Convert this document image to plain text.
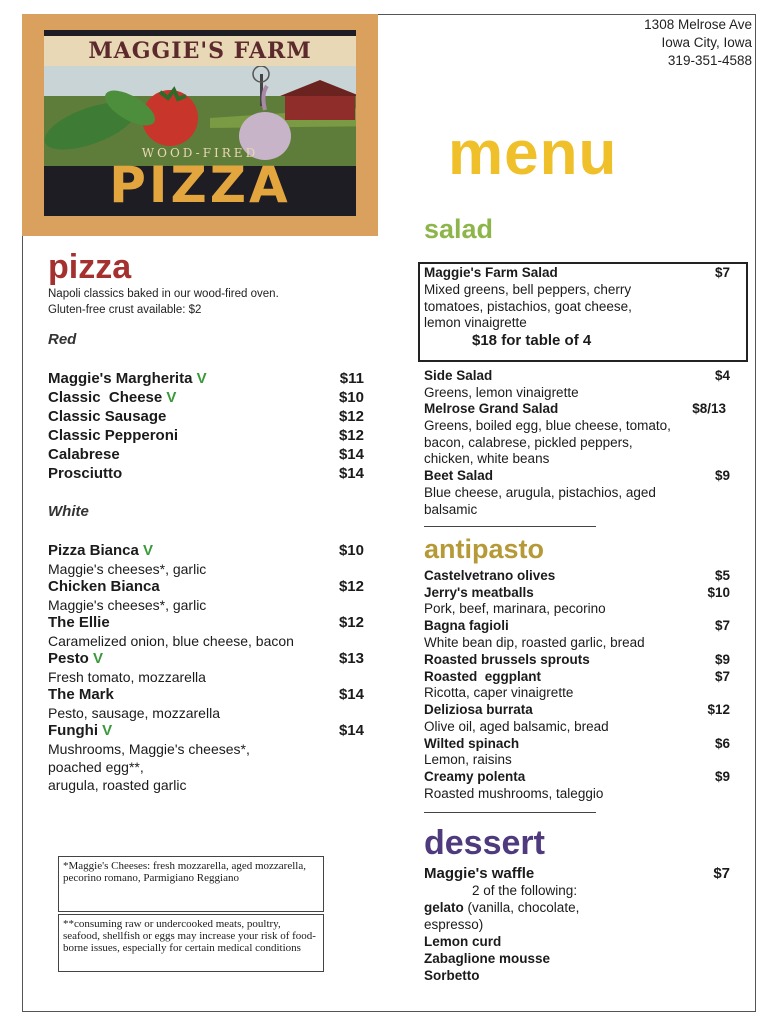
MAGGIE'S FARM
WOOD-FIRED
PIZZA
1308 Melrose Ave
Iowa City, Iowa
319-351-4588
menu
pizza
Napoli classics baked in our wood-fired oven.
Gluten-free crust available: $2
Red
Maggie's Margherita V	$11
Classic  Cheese V	$10
Classic Sausage	$12
Classic Pepperoni	$12
Calabrese	$14
Prosciutto	$14
White
Pizza Bianca V	$10
Maggie's cheeses*, garlic
Chicken Bianca	$12
Maggie's cheeses*, garlic
The Ellie	$12
Caramelized onion, blue cheese, bacon
Pesto V	$13
Fresh tomato, mozzarella
The Mark	$14
Pesto, sausage, mozzarella
Funghi V	$14
Mushrooms, Maggie's cheeses*,
poached egg**,
arugula, roasted garlic
*Maggie's Cheeses: fresh mozzarella, aged mozzarella, pecorino romano, Parmigiano Reggiano
**consuming raw or undercooked meats, poultry, seafood, shellfish or eggs may increase your risk of food-borne issues, especially for certain medical conditions
salad
Maggie's Farm Salad	$7
Mixed greens, bell peppers, cherry
tomatoes, pistachios, goat cheese,
lemon vinaigrette
$18 for table of 4
Side Salad	$4
Greens, lemon vinaigrette
Melrose Grand Salad	$8/13
Greens, boiled egg, blue cheese, tomato,
bacon, calabrese, pickled peppers,
chicken, white beans
Beet Salad	$9
Blue cheese, arugula, pistachios, aged
balsamic
antipasto
Castelvetrano olives	$5
Jerry's meatballs	$10
Pork, beef, marinara, pecorino
Bagna fagioli	$7
White bean dip, roasted garlic, bread
Roasted brussels sprouts	$9
Roasted  eggplant	$7
Ricotta, caper vinaigrette
Deliziosa burrata	$12
Olive oil, aged balsamic, bread
Wilted spinach	$6
Lemon, raisins
Creamy polenta	$9
Roasted mushrooms, taleggio
dessert
Maggie's waffle	$7
2 of the following:
gelato (vanilla, chocolate,
espresso)
Lemon curd
Zabaglione mousse
Sorbetto
